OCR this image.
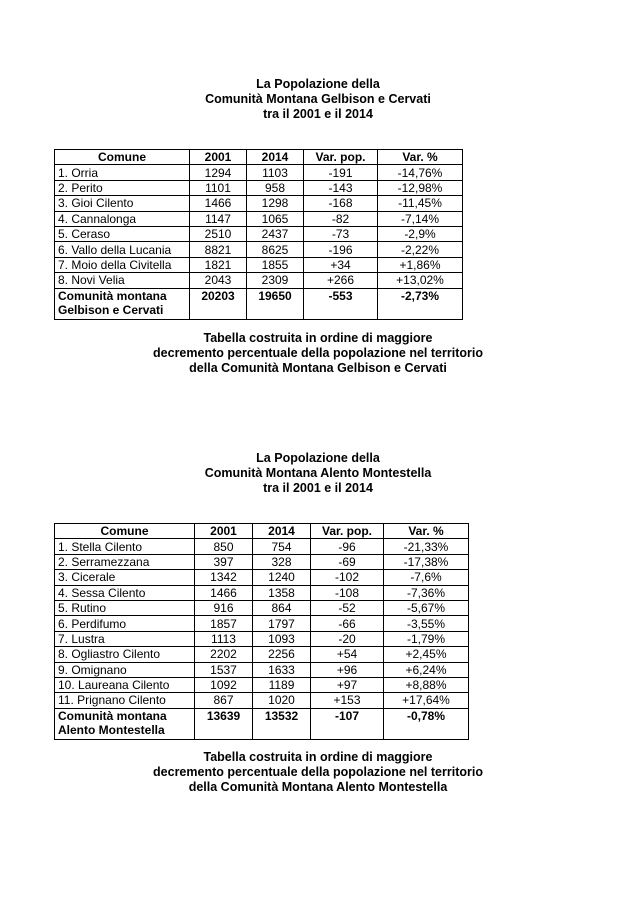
La Popolazione della
Comunità Montana Gelbison e Cervati
tra il 2001 e il 2014
Comune	2001	2014	Var. pop.	Var. %
1. Orria	1294	1103	-191	-14,76%
2. Perito	1101	958	-143	-12,98%
3. Gioi Cilento	1466	1298	-168	-11,45%
4. Cannalonga	1147	1065	-82	-7,14%
5. Ceraso	2510	2437	-73	-2,9%
6. Vallo della Lucania	8821	8625	-196	-2,22%
7. Moio della Civitella	1821	1855	+34	+1,86%
8. Novi Velia	2043	2309	+266	+13,02%

Comunità montana
Gelbison e Cervati	20203	19650	-553	-2,73%
Tabella costruita in ordine di maggiore
decremento percentuale della popolazione nel territorio
della Comunità Montana Gelbison e Cervati
La Popolazione della
Comunità Montana Alento Montestella
tra il 2001 e il 2014
Comune	2001	2014	Var. pop.	Var. %
1. Stella Cilento	850	754	-96	-21,33%
2. Serramezzana	397	328	-69	-17,38%
3. Cicerale	1342	1240	-102	-7,6%
4. Sessa Cilento	1466	1358	-108	-7,36%
5. Rutino	916	864	-52	-5,67%
6. Perdifumo	1857	1797	-66	-3,55%
7. Lustra	1113	1093	-20	-1,79%
8. Ogliastro Cilento	2202	2256	+54	+2,45%
9. Omignano	1537	1633	+96	+6,24%
10. Laureana Cilento	1092	1189	+97	+8,88%
11. Prignano Cilento	867	1020	+153	+17,64%

Comunità montana
Alento Montestella	13639	13532	-107	-0,78%
Tabella costruita in ordine di maggiore
decremento percentuale della popolazione nel territorio
della Comunità Montana Alento Montestella
